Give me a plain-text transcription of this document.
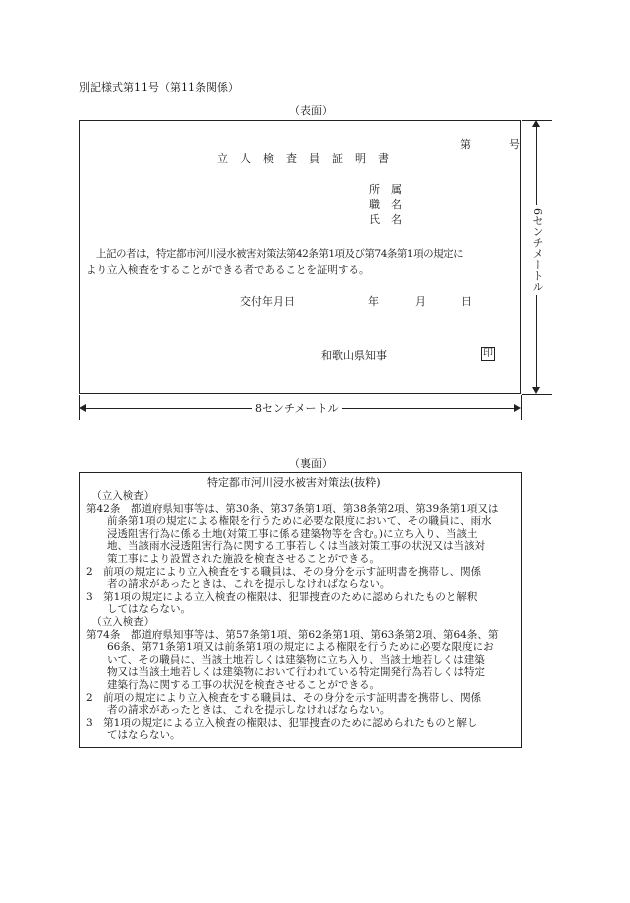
別記様式第11号（第11条関係）
（表面）
第	号
立　人　検　査　員　証　明　書
所　属
職　名
氏　名
　上記の者は，特定都市河川浸水被害対策法第42条第1項及び第74条第1項の規定に
より立入検査をすることができる者であることを証明する。
交付年月日	年	月	日
和歌山県知事	印
6センチメートル
8センチメートル
（裏面）
特定都市河川浸水被害対策法(抜粋)
　（立入検査）
第42条　都道府県知事等は、第30条、第37条第1項、第38条第2項、第39条第1項又は
　　前条第1項の規定による権限を行うために必要な限度において、その職員に、雨水
　　浸透阻害行為に係る土地(対策工事に係る建築物等を含む。)に立ち入り、当該土
　　地、当該雨水浸透阻害行為に関する工事若しくは当該対策工事の状況又は当該対
　　策工事により設置された施設を検査させることができる。
2　前項の規定により立入検査をする職員は、その身分を示す証明書を携帯し、関係
　　者の請求があったときは、これを提示しなければならない。
3　第1項の規定による立入検査の権限は、犯罪捜査のために認められたものと解釈
　　してはならない。
　（立入検査）
第74条　都道府県知事等は、第57条第1項、第62条第1項、第63条第2項、第64条、第
　　66条、第71条第1項又は前条第1項の規定による権限を行うために必要な限度にお
　　いて、その職員に、当該土地若しくは建築物に立ち入り、当該土地若しくは建築
　　物又は当該土地若しくは建築物において行われている特定開発行為若しくは特定
　　建築行為に関する工事の状況を検査させることができる。
2　前項の規定により立入検査をする職員は、その身分を示す証明書を携帯し、関係
　　者の請求があったときは、これを提示しなければならない。
3　第1項の規定による立入検査の権限は、犯罪捜査のために認められたものと解し
　　てはならない。
